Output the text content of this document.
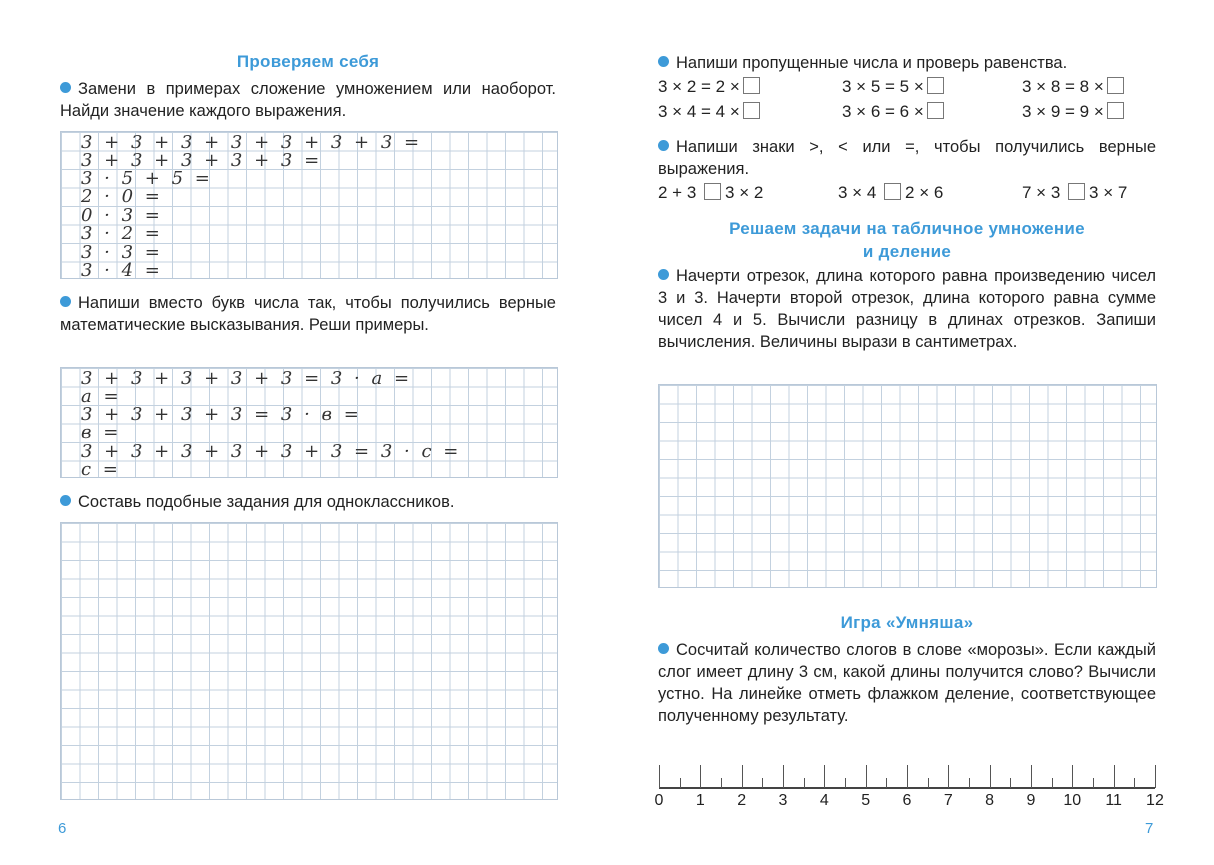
Проверяем себя
Замени в примерах сложение умножением или наоборот. Найди значение каждого выражения.
3 + 3 + 3 + 3 + 3 + 3 + 3 =
3 + 3 + 3 + 3 + 3 =
3 · 5 + 5 =
2 · 0 =
0 · 3 =
3 · 2 =
3 · 3 =
3 · 4 =
Напиши вместо букв числа так, чтобы получились верные математические высказывания. Реши примеры.
3 + 3 + 3 + 3 + 3 = 3 · a =
a =
3 + 3 + 3 + 3 = 3 · в =
в =
3 + 3 + 3 + 3 + 3 + 3 = 3 · c =
c =
Составь подобные задания для одноклассников.
6
Напиши пропущенные числа и проверь равенства.
3 × 2 = 2 ×	3 × 5 = 5 ×	3 × 8 = 8 ×
3 × 4 = 4 ×	3 × 6 = 6 ×	3 × 9 = 9 ×
Напиши знаки >, < или =, чтобы получились верные выражения.
2 + 3 3 × 2	3 × 4 2 × 6	7 × 3 3 × 7
Решаем задачи на табличное умножение
и деление
Начерти отрезок, длина которого равна произведению чисел 3 и 3. Начерти второй отрезок, длина которого равна сумме чисел 4 и 5. Вычисли разницу в длинах отрезков. Запиши вычисления. Величины вырази в сантиметрах.
Игра «Умняша»
Сосчитай количество слогов в слове «морозы». Если каждый слог имеет длину 3 см, какой длины получится слово? Вычисли устно. На линейке отметь флажком деление, соответствующее полученному результату.
0	1	2	3	4	5	6	7	8	9	10	11	12
7
